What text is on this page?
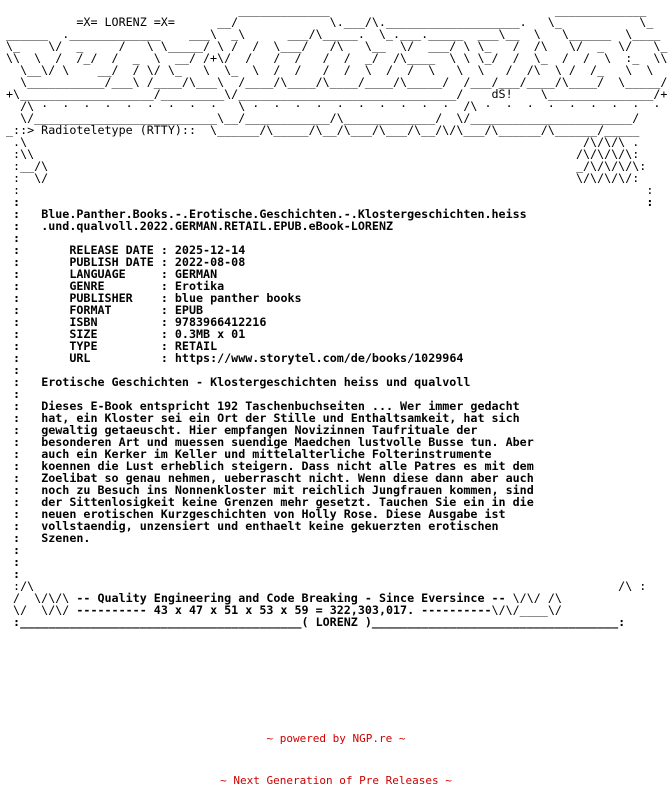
_____________                                _____________
=X= LORENZ =X=      __/             \.___/\.___________________.   \_           \_
______  ._____________    ___\  _\      ___/\_____.  \_.___._____  ___\__  \   \______  \____
\_    \/  _     /   \ \_____/ \ /  /  \___/   /\   \__  \/  ___/ \ \_   /  /\   \/  _  \/   \_
\\  \  /  /_/  /  _  \  __/ /+\/  /   /  /   /  /  _/  /\____  \ \ \_/  /  \_  /  /  \  :_  \\
\__\/ \    __/  / \/ \_   \  \_  \  /  /   /  /  \  /  /  \   \  \   /  /\  \ /  /_   \  \
\___________/___\ /____/\___\  /____/\____/\____/____/\_____/  /___/___/____/\____/  \_____/
+\___________________/_________\/_______________________________/    dS!    \_______________/+
/\ ·  ·  ·  ·  ·  ·  ·  ·  ·   \ ·  ·  ·  ·  ·  ·  ·  ·  ·  ·  /\ ·  ·  ·  ·  ·  ·  ·  ·  ·
\/__________________________\__/____________/\_____________/  \/_______________________/
_::> Radioteletype (RTTY)::  \______/\_____/\__/\___/\___/\__/\/\___/\______/\______/_____
.\                                                                               /\/\/\ .
:\\                                                                             /\/\/\/\:
:__/\                                                                           _/\/\/\/\:
:  \/                                                                           \/\/\/\/:
:                                                                                         :
:                                                                                         :
:   Blue.Panther.Books.-.Erotische.Geschichten.-.Klostergeschichten.heiss
:   .und.qualvoll.2022.GERMAN.RETAIL.EPUB.eBook-LORENZ
:
:       RELEASE DATE : 2025-12-14
:       PUBLISH DATE : 2022-08-08
:       LANGUAGE	: GERMAN
:       GENRE	: Erotika
:       PUBLISHER : blue panther books
:       FORMAT	: EPUB
:       ISBN	: 9783966412216
:       SIZE	: 0.3MB x 01
:       TYPE	: RETAIL
:       URL	: https://www.storytel.com/de/books/1029964
:
:   Erotische Geschichten - Klostergeschichten heiss und qualvoll
:
:   Dieses E-Book entspricht 192 Taschenbuchseiten ... Wer immer gedacht
:   hat, ein Kloster sei ein Ort der Stille und Enthaltsamkeit, hat sich
:   gewaltig getaeuscht. Hier empfangen Novizinnen Taufrituale der
:   besonderen Art und muessen suendige Maedchen lustvolle Busse tun. Aber
:   auch ein Kerker im Keller und mittelalterliche Folterinstrumente
:   koennen die Lust erheblich steigern. Dass nicht alle Patres es mit dem
:   Zoelibat so genau nehmen, ueberrascht nicht. Wenn diese dann aber auch
:   noch zu Besuch ins Nonnenkloster mit reichlich Jungfrauen kommen, sind
:   der Sittenlosigkeit keine Grenzen mehr gesetzt. Tauchen Sie ein in die
:   neuen erotischen Kurzgeschichten von Holly Rose. Diese Ausgabe ist
:   vollstaendig, unzensiert und enthaelt keine gekuerzten erotischen
:   Szenen.
:
:
:
:/\                                                                                   /\ :
/  \/\/\ -- Quality Engineering and Code Breaking - Since Eversince -- \/\/ /\
\/  \/\/ ---------- 43 x 47 x 51 x 53 x 59 = 322,303,017. ----------\/\/____\/
:________________________________________( LORENZ )___________________________________:

~ powered by NGP.re ~

~ Next Generation of Pre Releases ~
